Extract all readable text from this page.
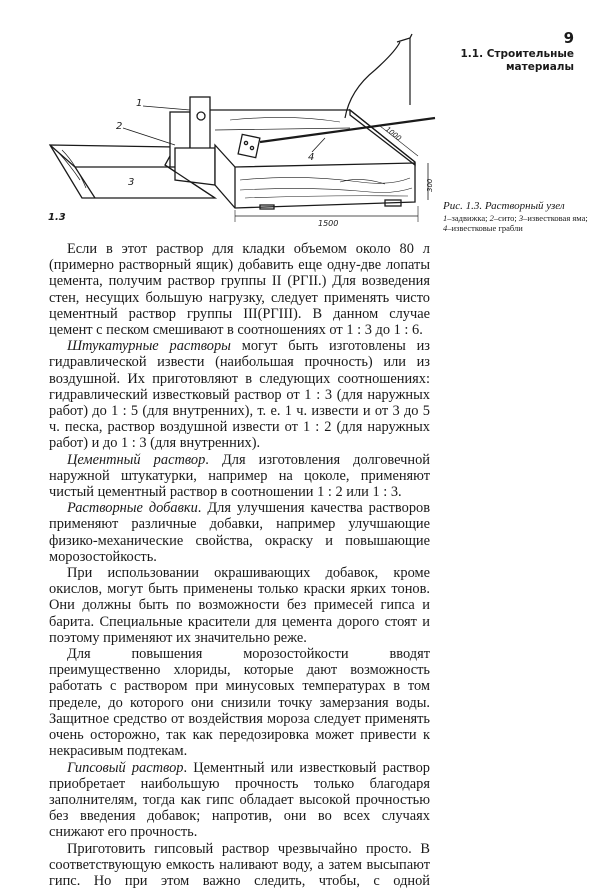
9
1.1. Строительные материалы
1
2
3
4
1500
1000
300
1.3
Рис. 1.3. Растворный узел
1–задвижка; 2–сито; 3–известковая яма; 4–известковые грабли

Если в этот раствор для кладки объемом около 80 л (примерно растворный ящик) добавить еще одну-две лопаты цемента, получим раствор группы II (РГII.) Для возведения стен, несущих большую нагрузку, следует применять чисто цементный раствор группы III(РГIII). В данном случае цемент с песком смешивают в соотношениях от 1 : 3 до 1 : 6.

Штукатурные растворы могут быть изготовлены из гидравлической извести (наибольшая прочность) или из воздушной. Их приготовляют в следующих соотношениях: гидравлический известковый раствор от 1 : 3 (для наружных работ) до 1 : 5 (для внутренних), т. е. 1 ч. извести и от 3 до 5 ч. песка, раствор воздушной извести от 1 : 2 (для наружных работ) и до 1 : 3 (для внутренних).

Цементный раствор. Для изготовления долговечной наружной штукатурки, например на цоколе, применяют чистый цементный раствор в соотношении 1 : 2 или 1 : 3.

Растворные добавки. Для улучшения качества растворов применяют различные добавки, например улучшающие физико-механические свойства, окраску и повышающие морозостойкость.

При использовании окрашивающих добавок, кроме окислов, могут быть применены только краски ярких тонов. Они должны быть по возможности без примесей гипса и барита. Специальные красители для цемента дорого стоят и поэтому применяют их значительно реже.

Для повышения морозостойкости вводят преимущественно хлориды, которые дают возможность работать с раствором при минусовых температурах в том пределе, до которого они снизили точку замерзания воды. Защитное средство от воздействия мороза следует применять очень осторожно, так как передозировка может привести к некрасивым подтекам.

Гипсовый раствор. Цементный или известковый раствор приобретает наибольшую прочность только благодаря заполнителям, тогда как гипс обладает высокой прочностью без введения добавок; напротив, они во всех случаях снижают его прочность.

Приготовить гипсовый раствор чрезвычайно просто. В соответствующую емкость наливают воду, а затем высыпают гипс. Но при этом важно следить, чтобы, с одной
